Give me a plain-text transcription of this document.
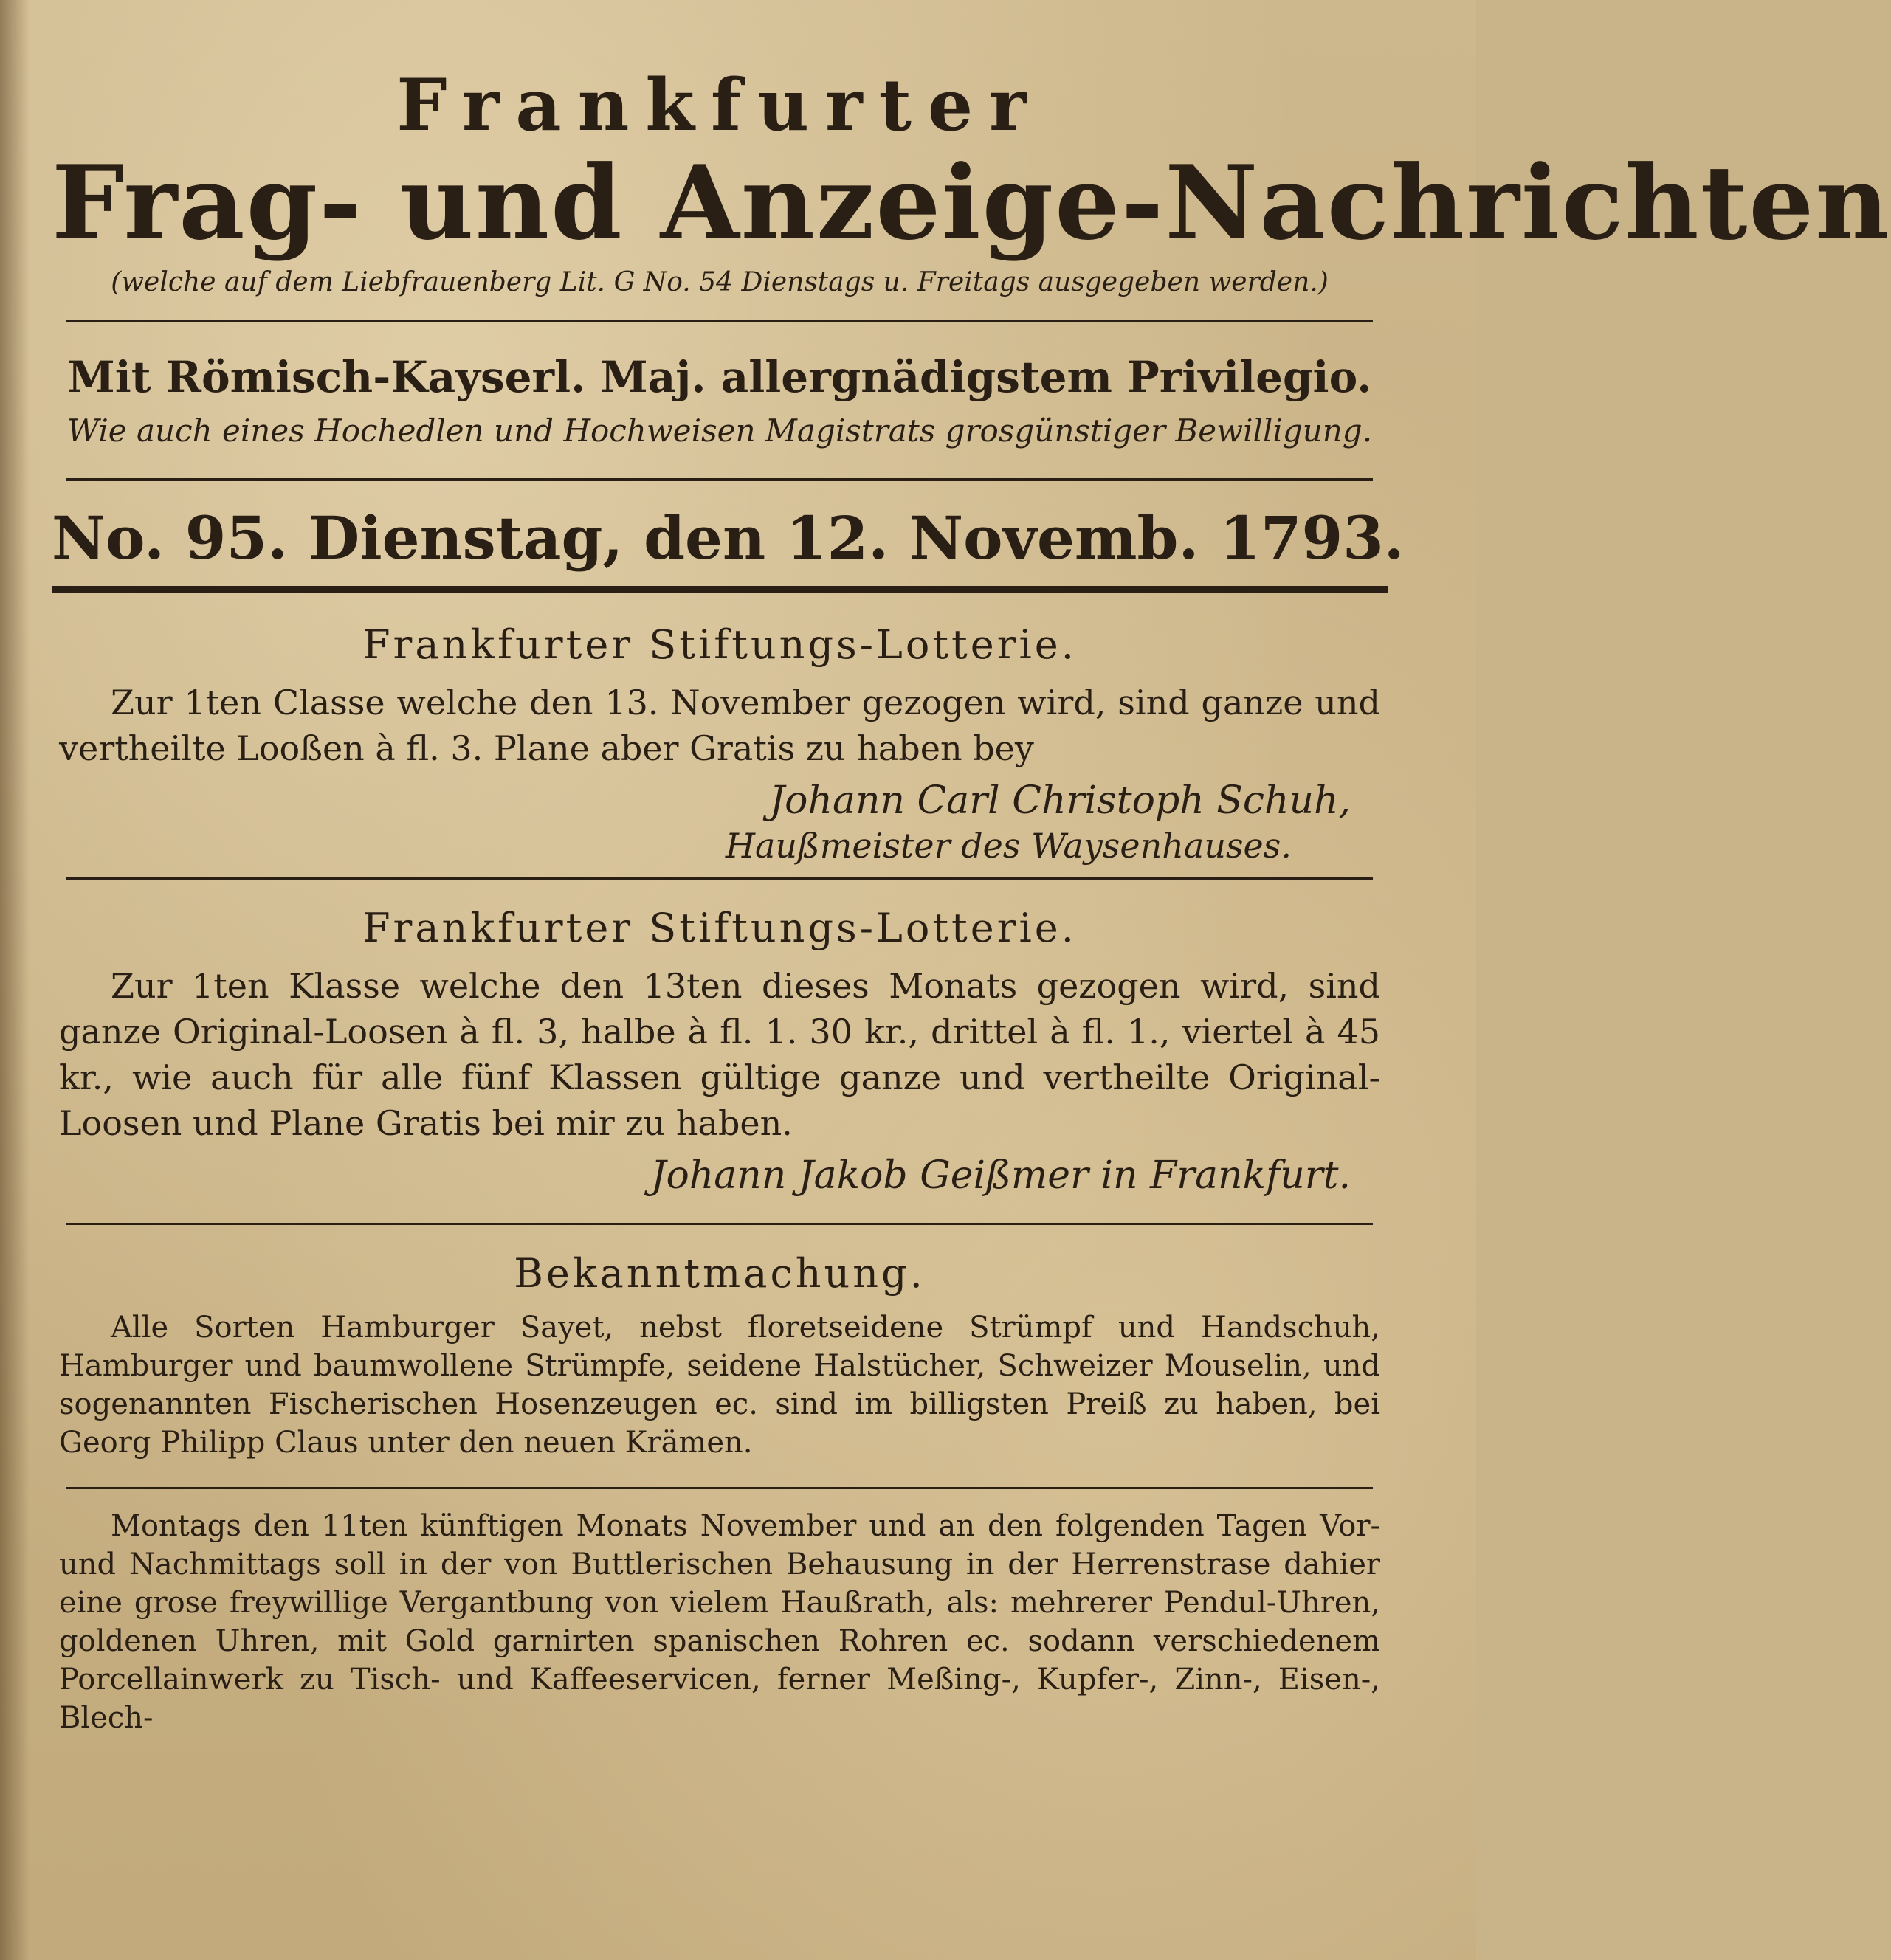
Frankfurter

Frag- und Anzeige-Nachrichten

(welche auf dem Liebfrauenberg Lit. G No. 54 Dienstags u. Freitags ausgegeben werden.)

Mit Römisch-Kayserl. Maj. allergnädigstem Privilegio.

Wie auch eines Hochedlen und Hochweisen Magistrats grosgünstiger Bewilligung.

No. 95. Dienstag, den 12. Novemb. 1793.

Frankfurter Stiftungs-Lotterie.

Zur 1ten Classe welche den 13. November gezogen wird, sind ganze und vertheilte Looßen à fl. 3. Plane aber Gratis zu haben bey

Johann Carl Christoph Schuh,

Haußmeister des Waysenhauses.

Frankfurter Stiftungs-Lotterie.

Zur 1ten Klasse welche den 13ten dieses Monats gezogen wird, sind ganze Original-Loosen à fl. 3, halbe à fl. 1. 30 kr., drittel à fl. 1., viertel à 45 kr., wie auch für alle fünf Klassen gültige ganze und vertheilte Original-Loosen und Plane Gratis bei mir zu haben.

Johann Jakob Geißmer in Frankfurt.

Bekanntmachung.

Alle Sorten Hamburger Sayet, nebst floretseidene Strümpf und Handschuh, Hamburger und baumwollene Strümpfe, seidene Halstücher, Schweizer Mouselin, und sogenannten Fischerischen Hosenzeugen ec. sind im billigsten Preiß zu haben, bei Georg Philipp Claus unter den neuen Krämen.

Montags den 11ten künftigen Monats November und an den folgenden Tagen Vor- und Nachmittags soll in der von Buttlerischen Behausung in der Herrenstrase dahier eine grose freywillige Vergantbung von vielem Haußrath, als: mehrerer Pendul-Uhren, goldenen Uhren, mit Gold garnirten spanischen Rohren ec. sodann verschiedenem Porcellainwerk zu Tisch- und Kaffeeservicen, ferner Meßing-, Kupfer-, Zinn-, Eisen-, Blech-
